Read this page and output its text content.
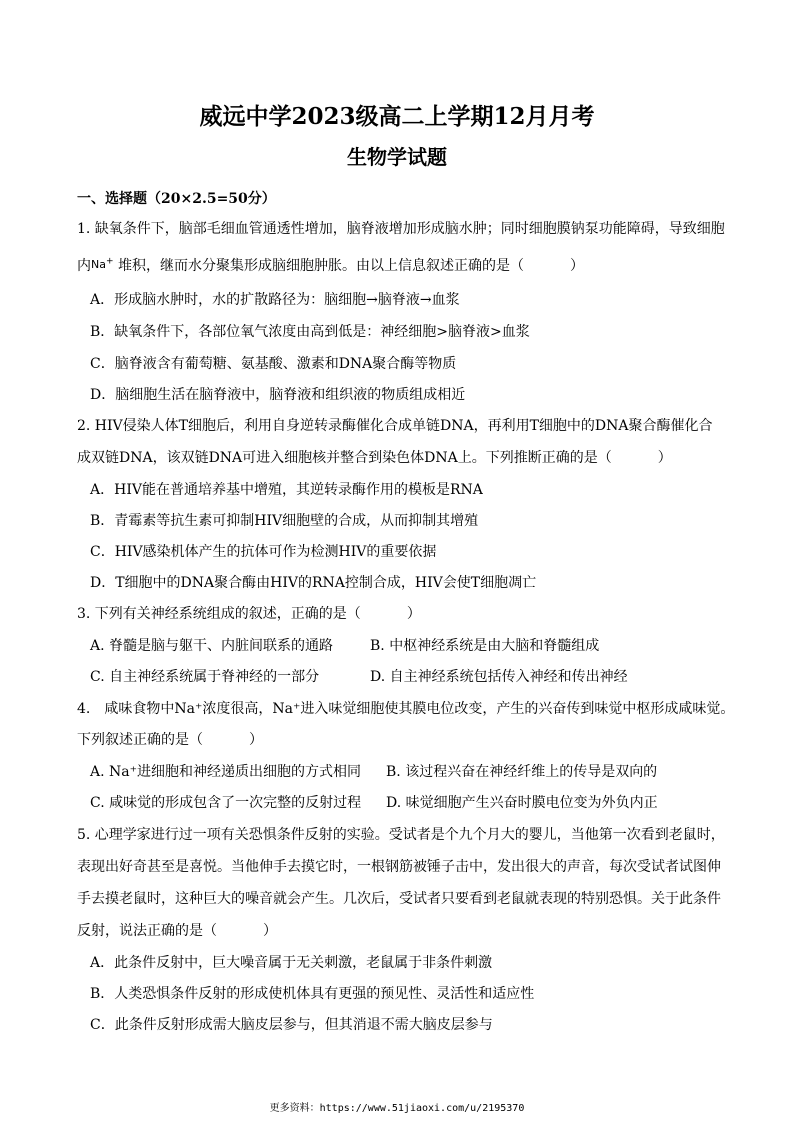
威远中学2023级高二上学期12月月考
生物学试题

一、选择题（20×2.5=50分）

1. 缺氧条件下，脑部毛细血管通透性增加，脑脊液增加形成脑水肿；同时细胞膜钠泵功能障碍，导致细胞

内Na+ 堆积，继而水分聚集形成脑细胞肿胀。由以上信息叙述正确的是（	）

A．形成脑水肿时，水的扩散路径为：脑细胞→脑脊液→血浆

B．缺氧条件下，各部位氧气浓度由高到低是：神经细胞>脑脊液>血浆

C．脑脊液含有葡萄糖、氨基酸、激素和DNA聚合酶等物质

D．脑细胞生活在脑脊液中，脑脊液和组织液的物质组成相近

2. HIV侵染人体T细胞后，利用自身逆转录酶催化合成单链DNA，再利用T细胞中的DNA聚合酶催化合

成双链DNA，该双链DNA可进入细胞核并整合到染色体DNA上。下列推断正确的是（	）

A．HIV能在普通培养基中增殖，其逆转录酶作用的模板是RNA

B．青霉素等抗生素可抑制HIV细胞壁的合成，从而抑制其增殖

C．HIV感染机体产生的抗体可作为检测HIV的重要依据

D．T细胞中的DNA聚合酶由HIV的RNA控制合成，HIV会使T细胞凋亡

3. 下列有关神经系统组成的叙述，正确的是（	）

A. 脊髓是脑与躯干、内脏间联系的通路	B. 中枢神经系统是由大脑和脊髓组成

C. 自主神经系统属于脊神经的一部分	D. 自主神经系统包括传入神经和传出神经

4.　咸味食物中Na⁺浓度很高，Na⁺进入味觉细胞使其膜电位改变，产生的兴奋传到味觉中枢形成咸味觉。

下列叙述正确的是（	）

A. Na⁺进细胞和神经递质出细胞的方式相同 B. 该过程兴奋在神经纤维上的传导是双向的

C. 咸味觉的形成包含了一次完整的反射过程 D. 味觉细胞产生兴奋时膜电位变为外负内正

5. 心理学家进行过一项有关恐惧条件反射的实验。受试者是个九个月大的婴儿，当他第一次看到老鼠时，

表现出好奇甚至是喜悦。当他伸手去摸它时，一根钢筋被锤子击中，发出很大的声音，每次受试者试图伸

手去摸老鼠时，这种巨大的噪音就会产生。几次后，受试者只要看到老鼠就表现的特别恐惧。关于此条件

反射，说法正确的是（	）

A．此条件反射中，巨大噪音属于无关刺激，老鼠属于非条件刺激

B．人类恐惧条件反射的形成使机体具有更强的预见性、灵活性和适应性

C．此条件反射形成需大脑皮层参与，但其消退不需大脑皮层参与

更多资料：https://www.51jiaoxi.com/u/2195370
